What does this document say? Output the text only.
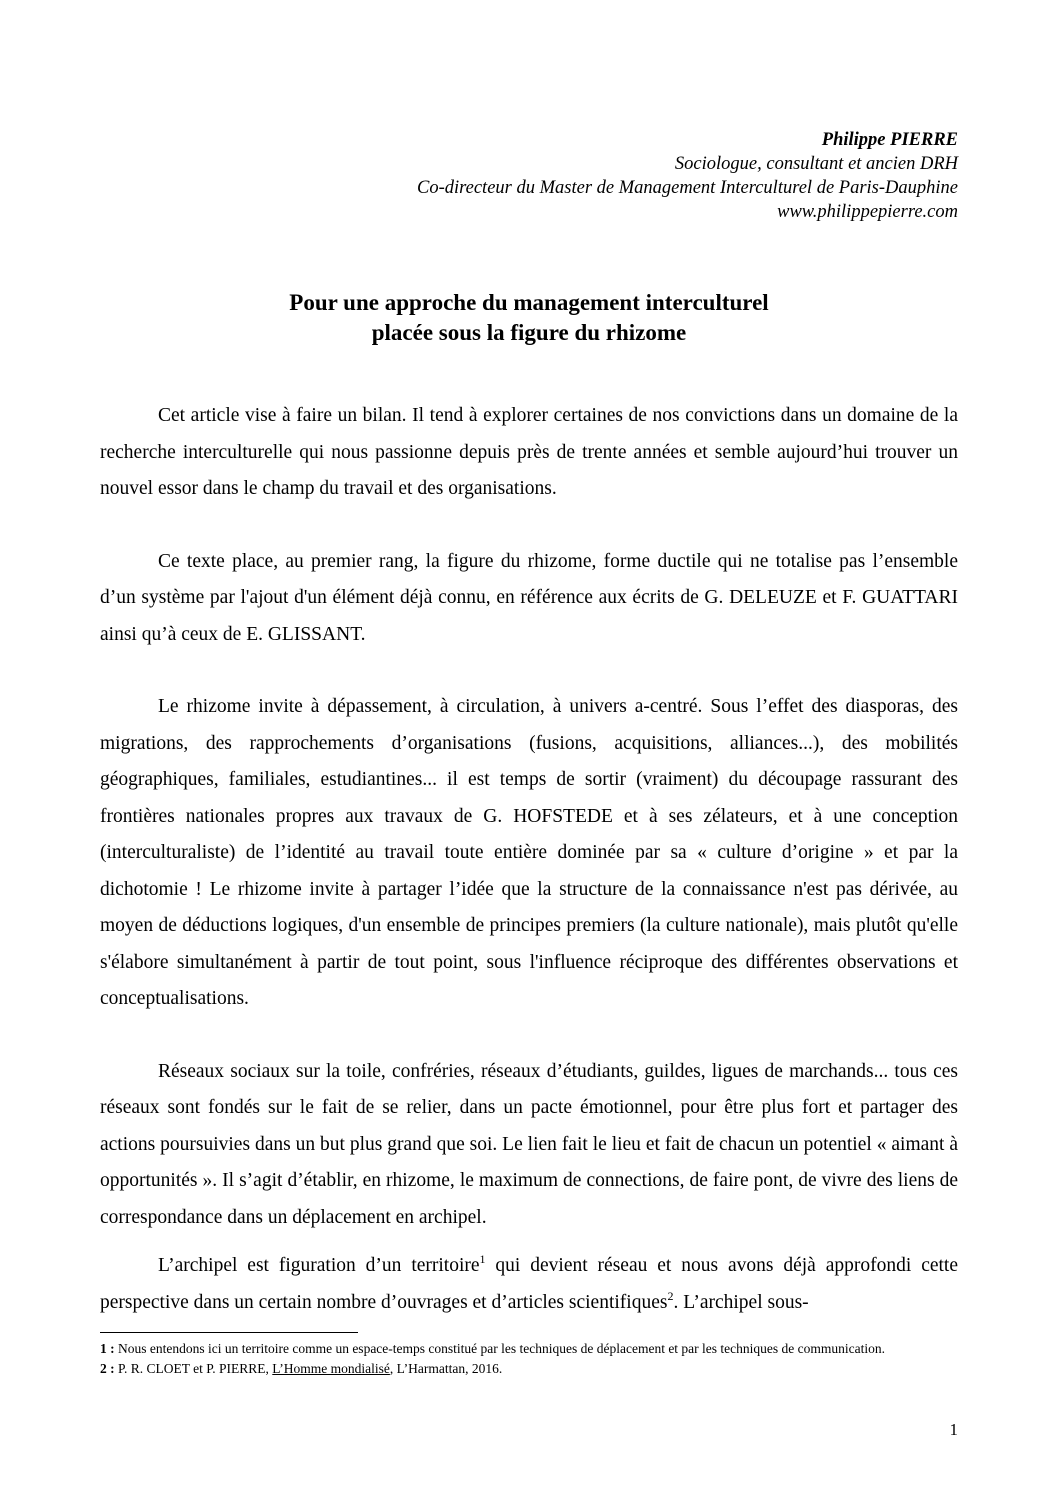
Philippe PIERRE
Sociologue, consultant et ancien DRH
Co-directeur du Master de Management Interculturel de Paris-Dauphine
www.philippepierre.com
Pour une approche du management interculturel
placée sous la figure du rhizome

Cet article vise à faire un bilan. Il tend à explorer certaines de nos convictions dans un domaine de la recherche interculturelle qui nous passionne depuis près de trente années et semble aujourd’hui trouver un nouvel essor dans le champ du travail et des organisations.

Ce texte place, au premier rang, la figure du rhizome, forme ductile qui ne totalise pas l’ensemble d’un système par l'ajout d'un élément déjà connu, en référence aux écrits de G. DELEUZE et F. GUATTARI ainsi qu’à ceux de E. GLISSANT.

Le rhizome invite à dépassement, à circulation, à univers a-centré. Sous l’effet des diasporas, des migrations, des rapprochements d’organisations (fusions, acquisitions, alliances...), des mobilités géographiques, familiales, estudiantines... il est temps de sortir (vraiment) du découpage rassurant des frontières nationales propres aux travaux de G. HOFSTEDE et à ses zélateurs, et à une conception (interculturaliste) de l’identité au travail toute entière dominée par sa « culture d’origine » et par la dichotomie ! Le rhizome invite à partager l’idée que la structure de la connaissance n'est pas dérivée, au moyen de déductions logiques, d'un ensemble de principes premiers (la culture nationale), mais plutôt qu'elle s'élabore simultanément à partir de tout point, sous l'influence réciproque des différentes observations et conceptualisations.

Réseaux sociaux sur la toile, confréries, réseaux d’étudiants, guildes, ligues de marchands... tous ces réseaux sont fondés sur le fait de se relier, dans un pacte émotionnel, pour être plus fort et partager des actions poursuivies dans un but plus grand que soi. Le lien fait le lieu et fait de chacun un potentiel « aimant à opportunités ». Il s’agit d’établir, en rhizome, le maximum de connections, de faire pont, de vivre des liens de correspondance dans un déplacement en archipel.

L’archipel est figuration d’un territoire$^1$ qui devient réseau et nous avons déjà approfondi cette perspective dans un certain nombre d’ouvrages et d’articles scientifiques$^2$. L’archipel sous-

1 : Nous entendons ici un territoire comme un espace-temps constitué par les techniques de déplacement et par les techniques de communication.
2 : P. R. CLOET et P. PIERRE, L’Homme mondialisé, L’Harmattan, 2016.
1
